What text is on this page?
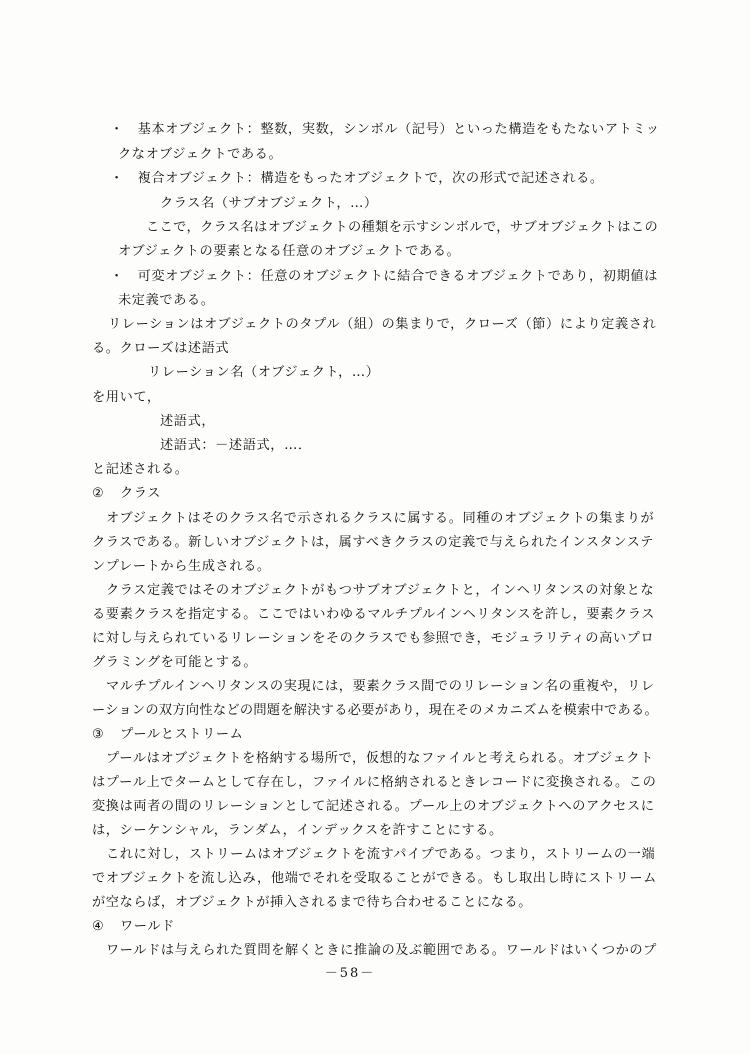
・　基本オブジェクト：整数，実数，シンボル（記号）といった構造をもたないアトミッ
クなオブジェクトである。
・　複合オブジェクト：構造をもったオブジェクトで，次の形式で記述される。
クラス名（サブオブジェクト，…）
ここで，クラス名はオブジェクトの種類を示すシンボルで，サブオブジェクトはこの
オブジェクトの要素となる任意のオブジェクトである。
・　可変オブジェクト：任意のオブジェクトに結合できるオブジェクトであり，初期値は
未定義である。
リレーションはオブジェクトのタプル（組）の集まりで，クローズ（節）により定義され
る。クローズは述語式
リレーション名（オブジェクト，…）
を用いて，
述語式，
述語式：－述語式，…．
と記述される。
② クラス
オブジェクトはそのクラス名で示されるクラスに属する。同種のオブジェクトの集まりが
クラスである。新しいオブジェクトは，属すべきクラスの定義で与えられたインスタンステ
ンプレートから生成される。
クラス定義ではそのオブジェクトがもつサブオブジェクトと，インヘリタンスの対象とな
る要素クラスを指定する。ここではいわゆるマルチプルインヘリタンスを許し，要素クラス
に対し与えられているリレーションをそのクラスでも参照でき，モジュラリティの高いプロ
グラミングを可能とする。
マルチプルインヘリタンスの実現には，要素クラス間でのリレーション名の重複や，リレ
ーションの双方向性などの問題を解決する必要があり，現在そのメカニズムを模索中である。
③ プールとストリーム
プールはオブジェクトを格納する場所で，仮想的なファイルと考えられる。オブジェクト
はプール上でタームとして存在し，ファイルに格納されるときレコードに変換される。この
変換は両者の間のリレーションとして記述される。プール上のオブジェクトへのアクセスに
は，シーケンシャル，ランダム，インデックスを許すことにする。
これに対し，ストリームはオブジェクトを流すパイプである。つまり，ストリームの一端
でオブジェクトを流し込み，他端でそれを受取ることができる。もし取出し時にストリーム
が空ならば，オブジェクトが挿入されるまで待ち合わせることになる。
④ ワールド
ワールドは与えられた質問を解くときに推論の及ぶ範囲である。ワールドはいくつかのプ
－58－
